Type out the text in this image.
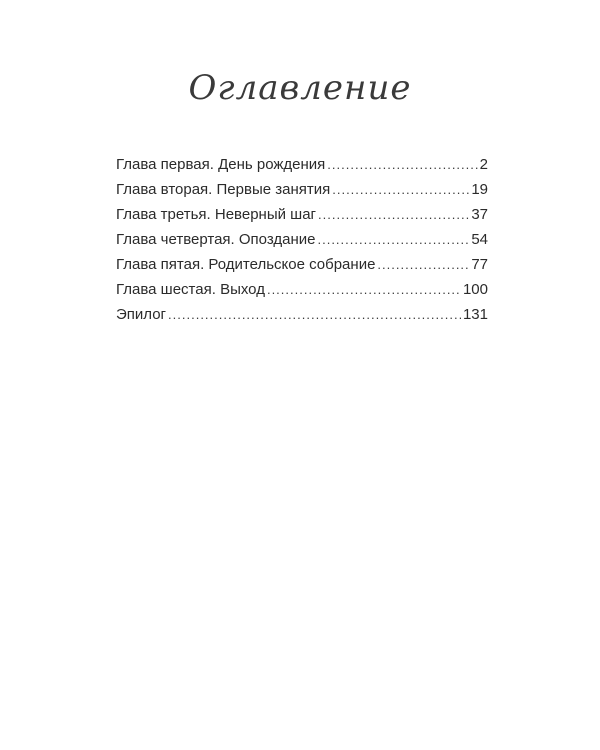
Оглавление
Глава первая. День рождения .....	2
Глава вторая. Первые занятия .....	19
Глава третья. Неверный шаг .....	37
Глава четвертая. Опоздание .....	54
Глава пятая. Родительское собрание .....	77
Глава шестая. Выход .....	100
Эпилог .....	131
